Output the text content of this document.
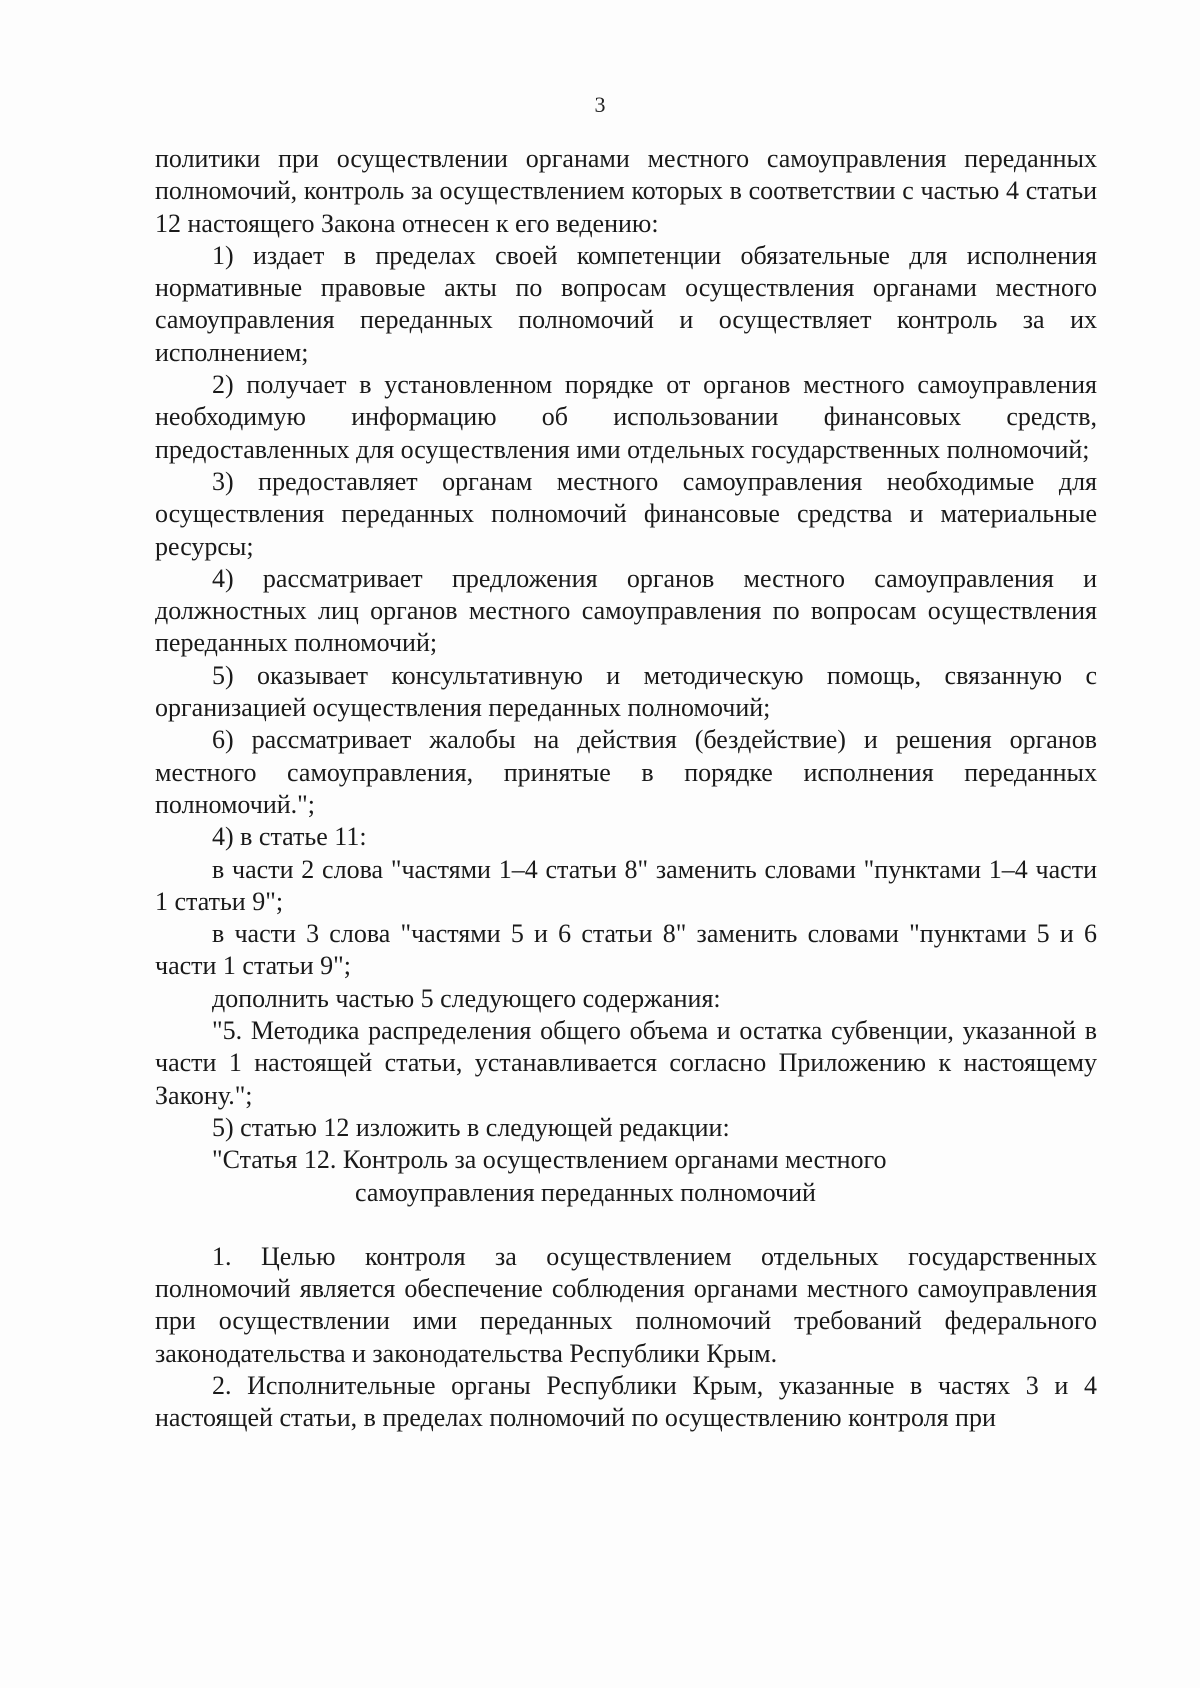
3

политики при осуществлении органами местного самоуправления переданных полномочий, контроль за осуществлением которых в соответствии с частью 4 статьи 12 настоящего Закона отнесен к его ведению:

1) издает в пределах своей компетенции обязательные для исполнения нормативные правовые акты по вопросам осуществления органами местного самоуправления переданных полномочий и осуществляет контроль за их исполнением;

2) получает в установленном порядке от органов местного самоуправления необходимую информацию об использовании финансовых средств, предоставленных для осуществления ими отдельных государственных полномочий;

3) предоставляет органам местного самоуправления необходимые для осуществления переданных полномочий финансовые средства и материальные ресурсы;

4) рассматривает предложения органов местного самоуправления и должностных лиц органов местного самоуправления по вопросам осуществления переданных полномочий;

5) оказывает консультативную и методическую помощь, связанную с организацией осуществления переданных полномочий;

6) рассматривает жалобы на действия (бездействие) и решения органов местного самоуправления, принятые в порядке исполнения переданных полномочий.";

4) в статье 11:

в части 2 слова "частями 1–4 статьи 8" заменить словами "пунктами 1–4 части 1 статьи 9";

в части 3 слова "частями 5 и 6 статьи 8" заменить словами "пунктами 5 и 6 части 1 статьи 9";

дополнить частью 5 следующего содержания:

"5. Методика распределения общего объема и остатка субвенции, указанной в части 1 настоящей статьи, устанавливается согласно Приложению к настоящему Закону.";

5) статью 12 изложить в следующей редакции:

"Статья 12. Контроль за осуществлением органами местного

самоуправления переданных полномочий

1. Целью контроля за осуществлением отдельных государственных полномочий является обеспечение соблюдения органами местного самоуправления при осуществлении ими переданных полномочий требований федерального законодательства и законодательства Республики Крым.

2. Исполнительные органы Республики Крым, указанные в частях 3 и 4 настоящей статьи, в пределах полномочий по осуществлению контроля при
